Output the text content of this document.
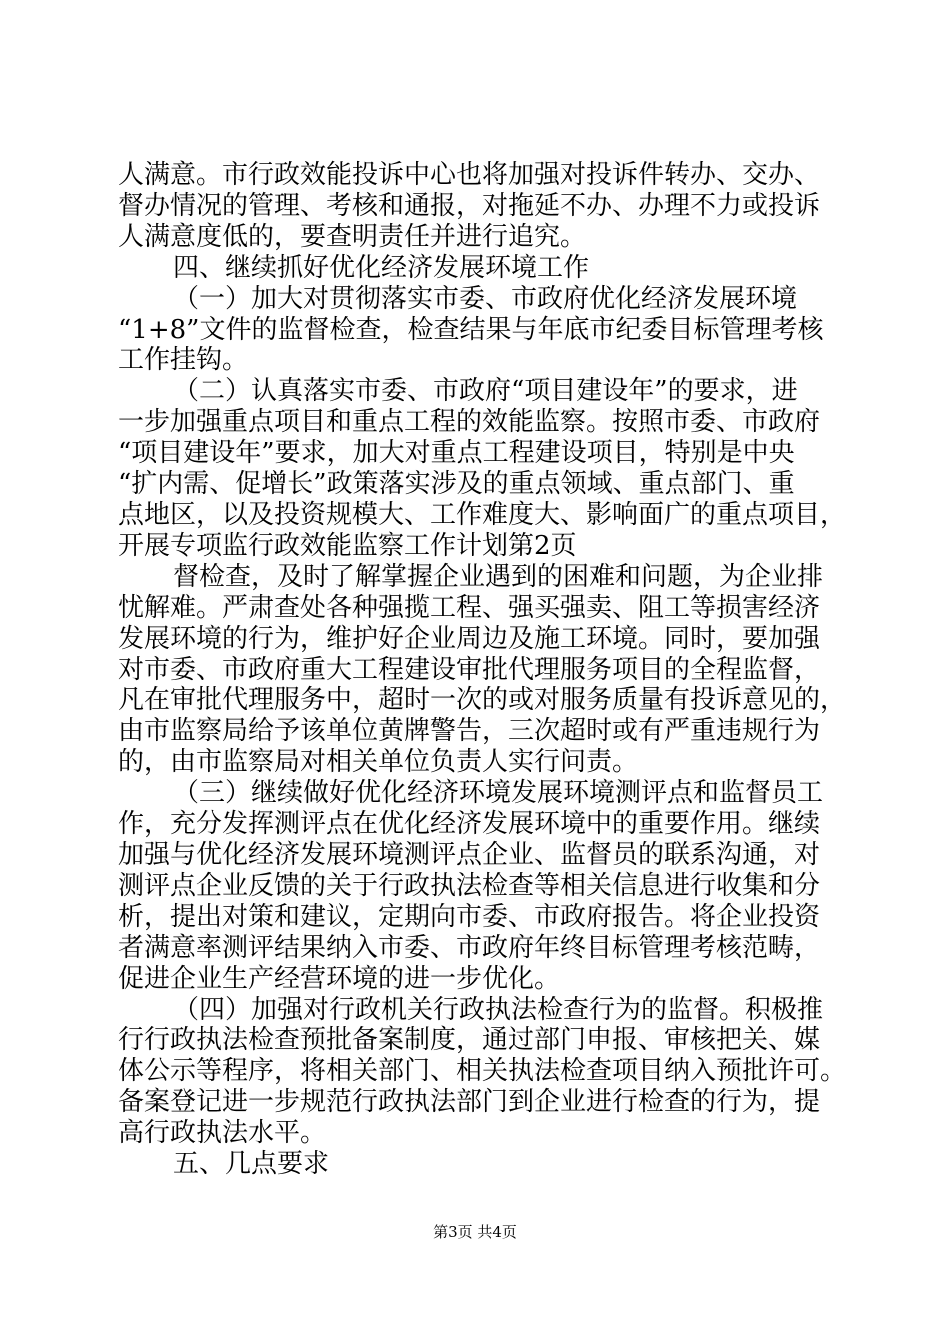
人满意。市行政效能投诉中心也将加强对投诉件转办、交办、
督办情况的管理、考核和通报，对拖延不办、办理不力或投诉
人满意度低的，要查明责任并进行追究。
四、继续抓好优化经济发展环境工作
（一）加大对贯彻落实市委、市政府优化经济发展环境
“1+8”文件的监督检查，检查结果与年底市纪委目标管理考核
工作挂钩。
（二）认真落实市委、市政府“项目建设年”的要求，进
一步加强重点项目和重点工程的效能监察。按照市委、市政府
“项目建设年”要求，加大对重点工程建设项目，特别是中央
“扩内需、促增长”政策落实涉及的重点领域、重点部门、重
点地区，以及投资规模大、工作难度大、影响面广的重点项目，
开展专项监行政效能监察工作计划第2页
督检查，及时了解掌握企业遇到的困难和问题，为企业排
忧解难。严肃查处各种强揽工程、强买强卖、阻工等损害经济
发展环境的行为，维护好企业周边及施工环境。同时，要加强
对市委、市政府重大工程建设审批代理服务项目的全程监督，
凡在审批代理服务中，超时一次的或对服务质量有投诉意见的，
由市监察局给予该单位黄牌警告，三次超时或有严重违规行为
的，由市监察局对相关单位负责人实行问责。
（三）继续做好优化经济环境发展环境测评点和监督员工
作，充分发挥测评点在优化经济发展环境中的重要作用。继续
加强与优化经济发展环境测评点企业、监督员的联系沟通，对
测评点企业反馈的关于行政执法检查等相关信息进行收集和分
析，提出对策和建议，定期向市委、市政府报告。将企业投资
者满意率测评结果纳入市委、市政府年终目标管理考核范畴，
促进企业生产经营环境的进一步优化。
（四）加强对行政机关行政执法检查行为的监督。积极推
行行政执法检查预批备案制度，通过部门申报、审核把关、媒
体公示等程序，将相关部门、相关执法检查项目纳入预批许可。
备案登记进一步规范行政执法部门到企业进行检查的行为，提
高行政执法水平。
五、几点要求
第3页 共4页
